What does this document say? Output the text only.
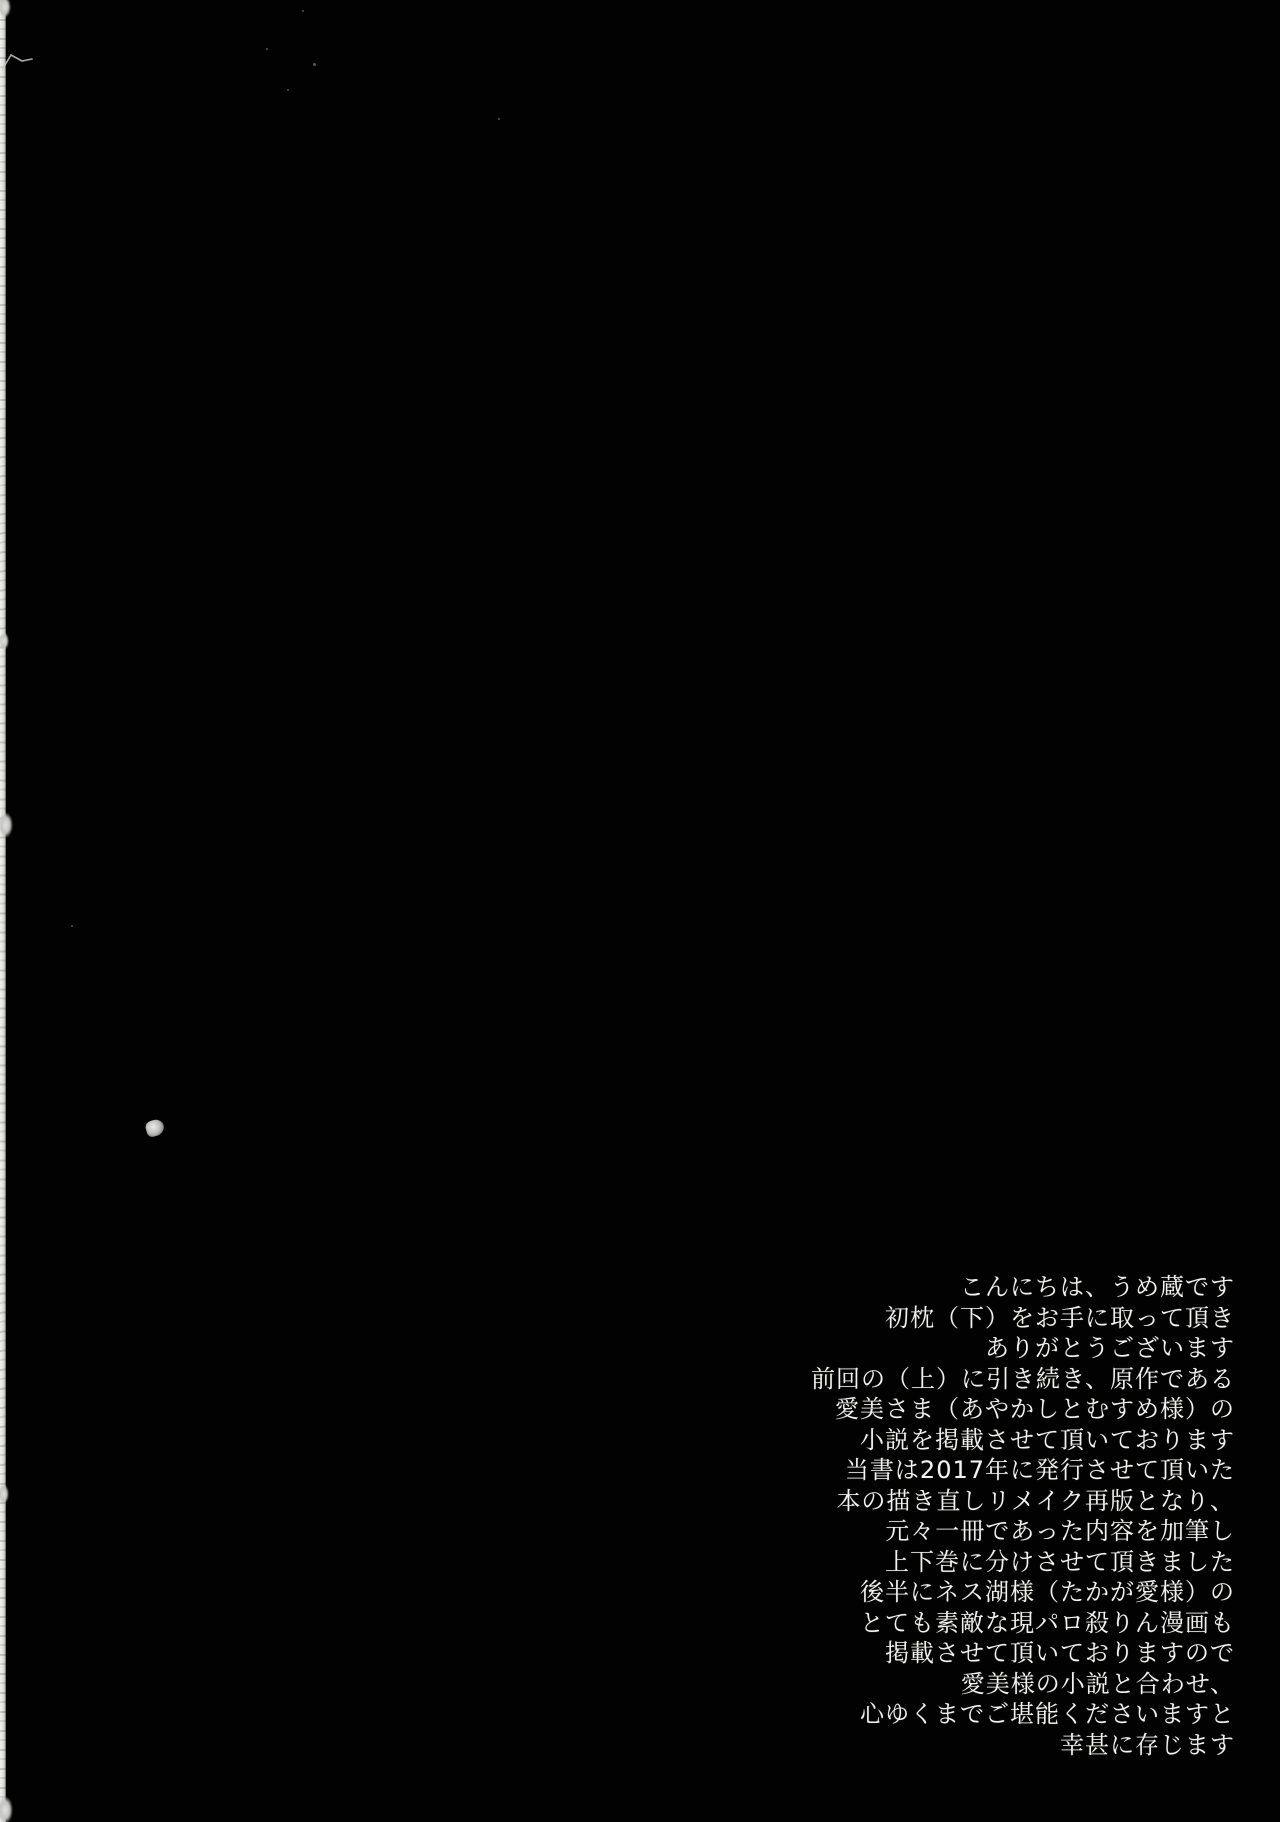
こんにちは、うめ蔵です
初枕（下）をお手に取って頂き
ありがとうございます
前回の（上）に引き続き、原作である
愛美さま（あやかしとむすめ様）の
小説を掲載させて頂いております
当書は2017年に発行させて頂いた
本の描き直しリメイク再版となり、
元々一冊であった内容を加筆し
上下巻に分けさせて頂きました
後半にネス湖様（たかが愛様）の
とても素敵な現パロ殺りん漫画も
掲載させて頂いておりますので
愛美様の小説と合わせ、
心ゆくまでご堪能くださいますと
幸甚に存じます
